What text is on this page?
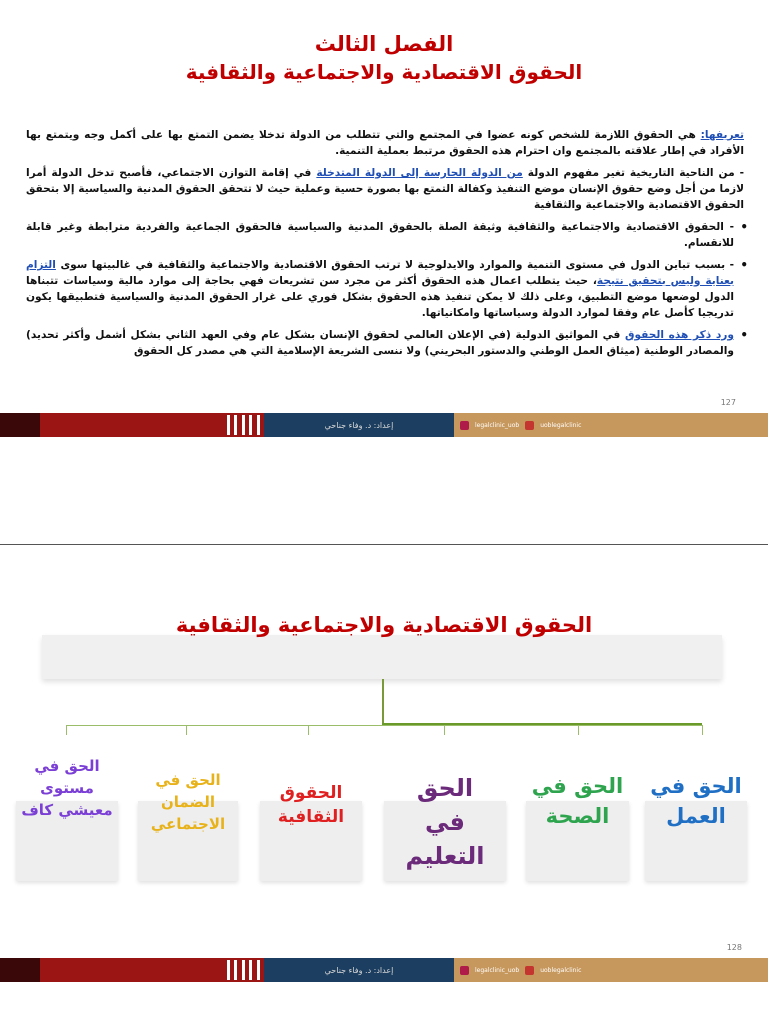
الفصل الثالث
الحقوق الاقتصادية والاجتماعية والثقافية

تعريفها: هي الحقوق اللازمة للشخص كونه عضوا في المجتمع والتي تتطلب من الدولة تدخلا يضمن التمتع بها على أكمل وجه ويتمتع بها الأفراد في إطار علاقته بالمجتمع وان احترام هذه الحقوق مرتبط بعملية التنمية.

- من الناحية التاريخية تغير مفهوم الدولة من الدولة الحارسة إلى الدولة المتدخلة في إقامة التوازن الاجتماعي، فأصبح تدخل الدولة أمرا لازما من أجل وضع حقوق الإنسان موضع التنفيذ وكفالة التمتع بها بصورة حسية وعملية حيث لا تتحقق الحقوق المدنية والسياسية إلا بتحقق الحقوق الاقتصادية والاجتماعية والثقافية

• - الحقوق الاقتصادية والاجتماعية والثقافية وثيقة الصلة بالحقوق المدنية والسياسية فالحقوق الجماعية والفردية مترابطة وغير قابلة للانقسام.

• - بسبب تباين الدول في مستوى التنمية والموارد والايدلوجية لا ترتب الحقوق الاقتصادية والاجتماعية والثقافية في غالبيتها سوى التزام بعناية وليس بتحقيق نتيجة، حيث يتطلب اعمال هذه الحقوق أكثر من مجرد سن تشريعات فهي بحاجة إلى موارد مالية وسياسات تتبناها الدول لوضعها موضع التطبيق، وعلى ذلك لا يمكن تنفيذ هذه الحقوق بشكل فوري على غرار الحقوق المدنية والسياسية فتطبيقها يكون تدريجيا كأصل عام وفقا لموارد الدولة وسياساتها وامكانياتها.

• ورد ذكر هذه الحقوق في المواثيق الدولية (في الإعلان العالمي لحقوق الإنسان بشكل عام وفي العهد الثاني بشكل أشمل وأكثر تحديد) والمصادر الوطنية (ميثاق العمل الوطني والدستور البحريني) ولا ننسى الشريعة الإسلامية التي هي مصدر كل الحقوق

127
إعداد: د. وفاء جناحي	legalclinic_uob	uoblegalclinic
الحقوق الاقتصادية والاجتماعية والثقافية
الحق في العمل
الحق في الصحة
الحق في التعليم
الحقوق الثقافية
الحق في الضمان الاجتماعي
الحق في مستوى معيشي كاف
128
إعداد: د. وفاء جناحي	legalclinic_uob	uoblegalclinic
